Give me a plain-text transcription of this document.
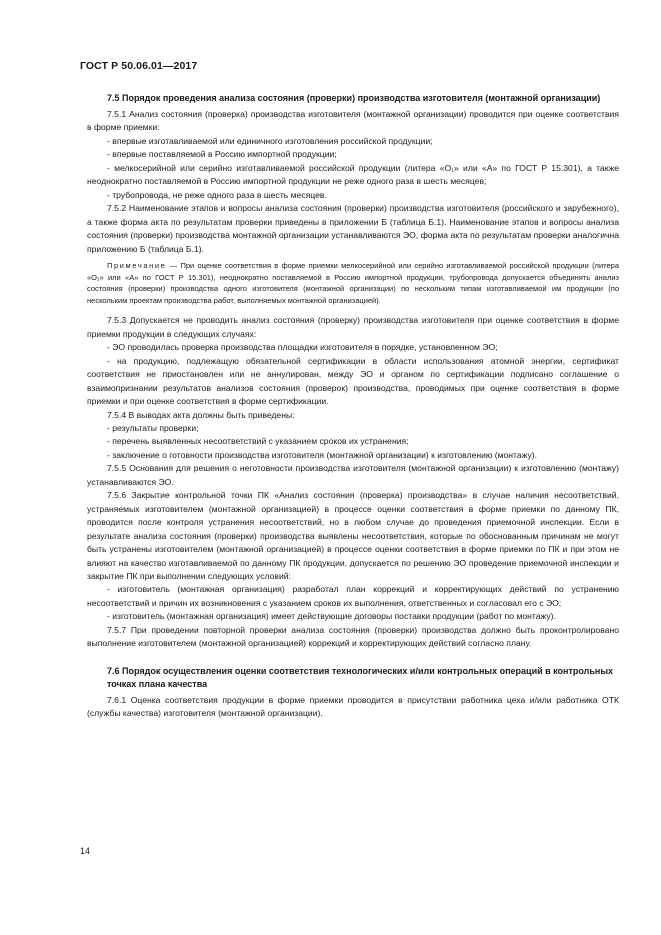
ГОСТ Р 50.06.01—2017

7.5 Порядок проведения анализа состояния (проверки) производства изготовителя (монтажной организации)

7.5.1 Анализ состояния (проверка) производства изготовителя (монтажной организации) проводится при оценке соответствия в форме приемки:

- впервые изготавливаемой или единичного изготовления российской продукции;

- впервые поставляемой в Россию импортной продукции;

- мелкосерийной или серийно изготавливаемой российской продукции (литера «О₁» или «А» по ГОСТ Р 15.301), а также неоднократно поставляемой в Россию импортной продукции не реже одного раза в шесть месяцев;

- трубопровода, не реже одного раза в шесть месяцев.

7.5.2 Наименование этапов и вопросы анализа состояния (проверки) производства изготовителя (российского и зарубежного), а также форма акта по результатам проверки приведены в приложении Б (таблица Б.1). Наименование этапов и вопросы анализа состояния (проверки) производства монтажной организации устанавливаются ЭО, форма акта по результатам проверки аналогична приложению Б (таблица Б.1).

Примечание — При оценке соответствия в форме приемки мелкосерийной или серийно изготавливаемой российской продукции (литера «О₁» или «А» по ГОСТ Р 15.301), неоднократно поставляемой в Россию импортной продукции, трубопровода допускается объединять анализ состояния (проверки) производства одного изготовителя (монтажной организации) по нескольким типам изготавливаемой им продукции (по нескольким проектам производства работ, выполняемых монтажной организацией).

7.5.3 Допускается не проводить анализ состояния (проверку) производства изготовителя при оценке соответствия в форме приемки продукции в следующих случаях:

- ЭО проводилась проверка производства площадки изготовителя в порядке, установленном ЭО;

- на продукцию, подлежащую обязательной сертификации в области использования атомной энергии, сертификат соответствия не приостановлен или не аннулирован, между ЭО и органом по сертификации подписано соглашение о взаимопризнании результатов анализов состояния (проверок) производства, проводимых при оценке соответствия в форме приемки и при оценке соответствия в форме сертификации.

7.5.4 В выводах акта должны быть приведены:

- результаты проверки;

- перечень выявленных несоответствий с указанием сроков их устранения;

- заключение о готовности производства изготовителя (монтажной организации) к изготовлению (монтажу).

7.5.5 Основания для решения о неготовности производства изготовителя (монтажной организации) к изготовлению (монтажу) устанавливаются ЭО.

7.5.6 Закрытие контрольной точки ПК «Анализ состояния (проверка) производства» в случае наличия несоответствий, устраняемых изготовителем (монтажной организацией) в процессе оценки соответствия в форме приемки по данному ПК, проводится после контроля устранения несоответствий, но в любом случае до проведения приемочной инспекции. Если в результате анализа состояния (проверки) производства выявлены несоответствия, которые по обоснованным причинам не могут быть устранены изготовителем (монтажной организацией) в процессе оценки соответствия в форме приемки по ПК и при этом не влияют на качество изготавливаемой по данному ПК продукции, допускается по решению ЭО проведение приемочной инспекции и закрытие ПК при выполнении следующих условий:

- изготовитель (монтажная организация) разработал план коррекций и корректирующих действий по устранению несоответствий и причин их возникновения с указанием сроков их выполнения, ответственных и согласовал его с ЭО;

- изготовитель (монтажная организация) имеет действующие договоры поставки продукции (работ по монтажу).

7.5.7 При проведении повторной проверки анализа состояния (проверки) производства должно быть проконтролировано выполнение изготовителем (монтажной организацией) коррекций и корректирующих действий согласно плану.

7.6 Порядок осуществления оценки соответствия технологических и/или контрольных операций в контрольных точках плана качества

7.6.1 Оценка соответствия продукции в форме приемки проводится в присутствии работника цеха и/или работника ОТК (службы качества) изготовителя (монтажной организации).

14
